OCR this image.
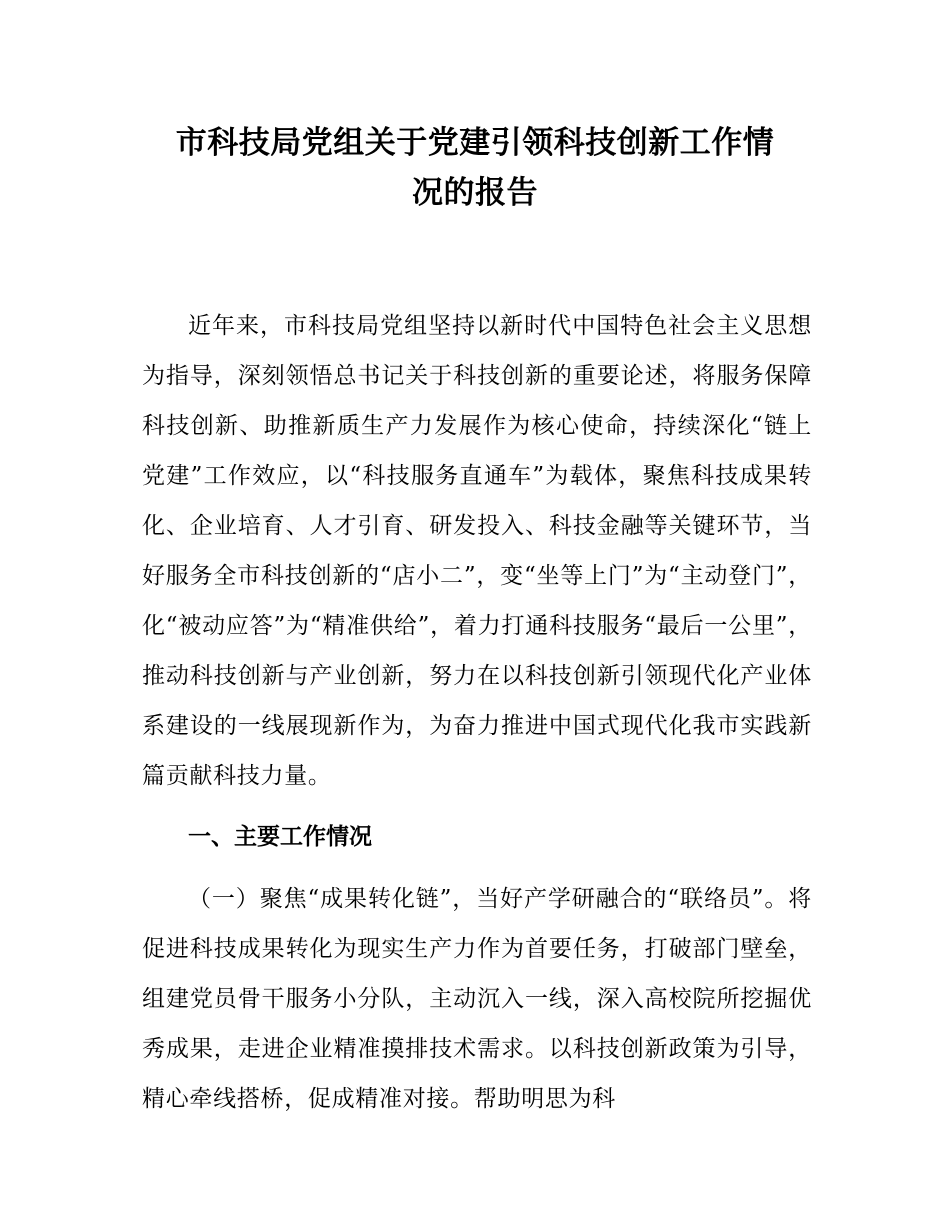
市科技局党组关于党建引领科技创新工作情
况的报告

近年来，市科技局党组坚持以新时代中国特色社会主义思想为指导，深刻领悟总书记关于科技创新的重要论述，将服务保障科技创新、助推新质生产力发展作为核心使命，持续深化“链上党建”工作效应，以“科技服务直通车”为载体，聚焦科技成果转化、企业培育、人才引育、研发投入、科技金融等关键环节，当好服务全市科技创新的“店小二”，变“坐等上门”为“主动登门”，化“被动应答”为“精准供给”，着力打通科技服务“最后一公里”，推动科技创新与产业创新，努力在以科技创新引领现代化产业体系建设的一线展现新作为，为奋力推进中国式现代化我市实践新篇贡献科技力量。

一、主要工作情况

（一）聚焦“成果转化链”，当好产学研融合的“联络员”。将促进科技成果转化为现实生产力作为首要任务，打破部门壁垒，组建党员骨干服务小分队，主动沉入一线，深入高校院所挖掘优秀成果，走进企业精准摸排技术需求。以科技创新政策为引导，精心牵线搭桥，促成精准对接。帮助明思为科
